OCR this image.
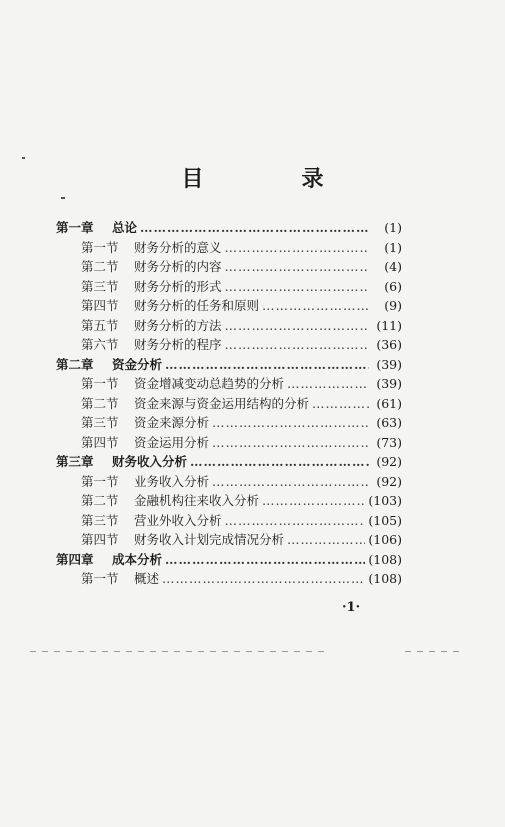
目　录
第一章	总论 ……………………………………………………………………………………………………………………	(1)
第一节	财务分析的意义 ……………………………………………………………………………………………………………………	(1)
第二节	财务分析的内容 ……………………………………………………………………………………………………………………	(4)
第三节	财务分析的形式 ……………………………………………………………………………………………………………………	(6)
第四节	财务分析的任务和原则 ……………………………………………………………………………………………………………………	(9)
第五节	财务分析的方法 ……………………………………………………………………………………………………………………	(11)
第六节	财务分析的程序 ……………………………………………………………………………………………………………………	(36)
第二章	资金分析 ……………………………………………………………………………………………………………………	(39)
第一节	资金增减变动总趋势的分析 ……………………………………………………………………………………………………………………	(39)
第二节	资金来源与资金运用结构的分析 ……………………………………………………………………………………………………………………	(61)
第三节	资金来源分析 ……………………………………………………………………………………………………………………	(63)
第四节	资金运用分析 ……………………………………………………………………………………………………………………	(73)
第三章	财务收入分析 ……………………………………………………………………………………………………………………	(92)
第一节	业务收入分析 ……………………………………………………………………………………………………………………	(92)
第二节	金融机构往来收入分析 ……………………………………………………………………………………………………………………	(103)
第三节	营业外收入分析 ……………………………………………………………………………………………………………………	(105)
第四节	财务收入计划完成情况分析 ……………………………………………………………………………………………………………………	(106)
第四章	成本分析 ……………………………………………………………………………………………………………………	(108)
第一节	概述 ……………………………………………………………………………………………………………………	(108)
·1·
